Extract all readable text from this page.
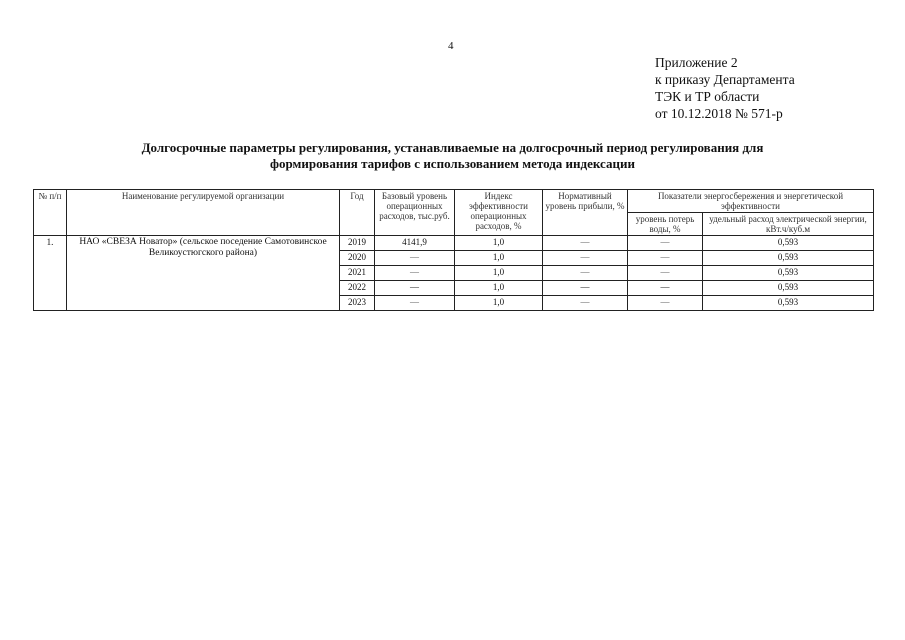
4
Приложение 2
к приказу Департамента
ТЭК и ТР области
от 10.12.2018 № 571-р
Долгосрочные параметры регулирования, устанавливаемые на долгосрочный период регулирования для
формирования тарифов с использованием метода индексации
№ п/п	Наименование регулируемой организации	Год	Базовый уровень операционных расходов, тыс.руб.	Индекс эффективности операционных расходов, %	Нормативный уровень прибыли, %	Показатели энергосбережения и энергетической эффективности	
						уровень потерь воды, %	удельный расход электрической энергии, кВт.ч/куб.м
1.	НАО «СВЕЗА Новатор» (сельское поседение Самотовинское Великоустюгского района)	2019	4141,9	1,0	—	—	0,593
		2020	—	1,0	—	—	0,593
		2021	—	1,0	—	—	0,593
		2022	—	1,0	—	—	0,593
		2023	—	1,0	—	—	0,593
